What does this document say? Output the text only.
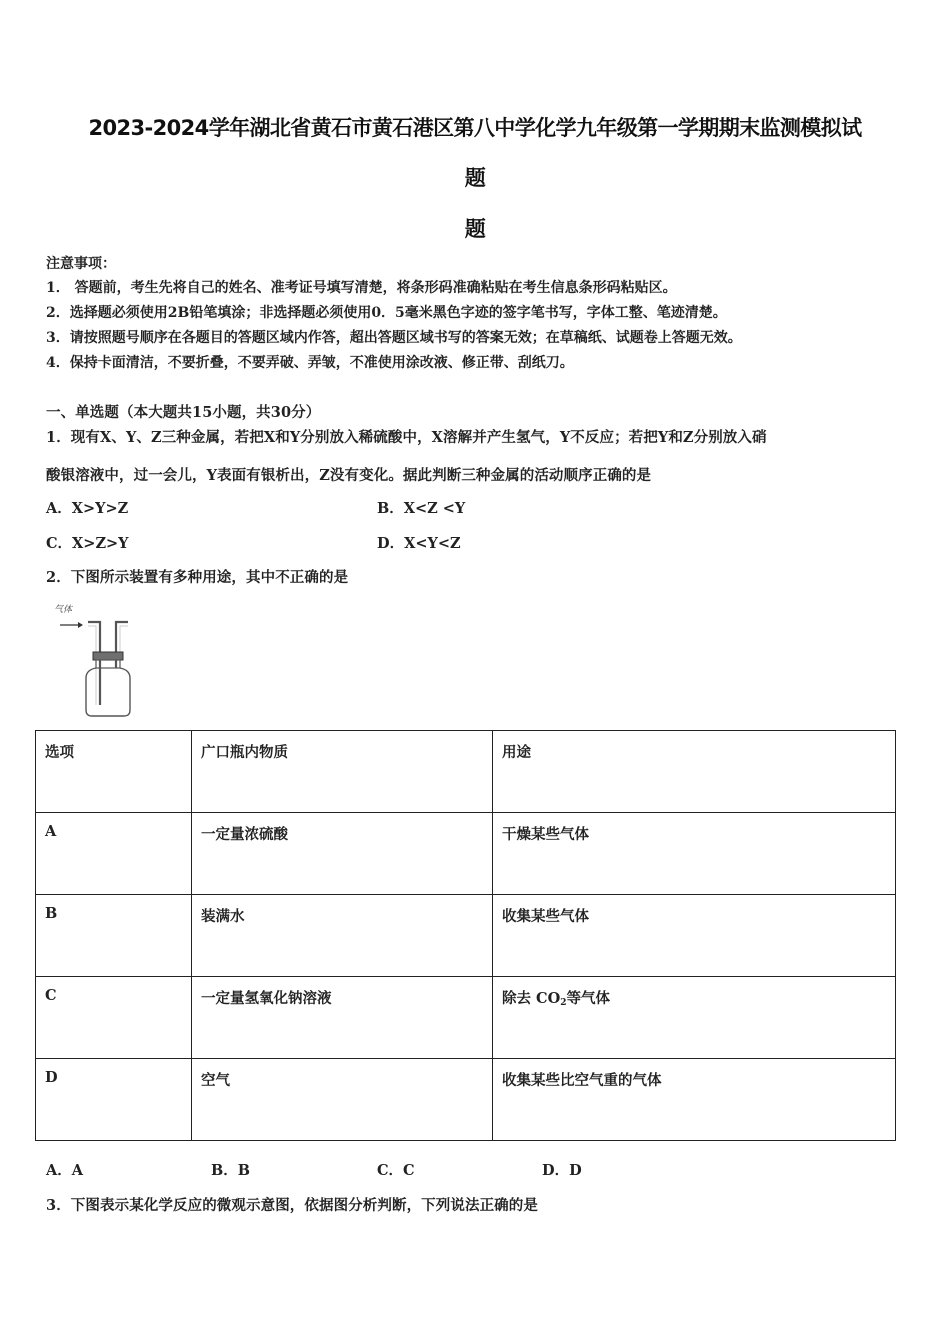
2023-2024学年湖北省黄石市黄石港区第八中学化学九年级第一学期期末监测模拟试
题
题
注意事项：
1． 答题前，考生先将自己的姓名、准考证号填写清楚，将条形码准确粘贴在考生信息条形码粘贴区。
2．选择题必须使用2B铅笔填涂；非选择题必须使用0．5毫米黑色字迹的签字笔书写，字体工整、笔迹清楚。
3．请按照题号顺序在各题目的答题区域内作答，超出答题区域书写的答案无效；在草稿纸、试题卷上答题无效。
4．保持卡面清洁，不要折叠，不要弄破、弄皱，不准使用涂改液、修正带、刮纸刀。
一、单选题（本大题共15小题，共30分）
1．现有X、Y、Z三种金属，若把X和Y分别放入稀硫酸中，X溶解并产生氢气，Y不反应；若把Y和Z分别放入硝
酸银溶液中，过一会儿，Y表面有银析出，Z没有变化。据此判断三种金属的活动顺序正确的是
A．X>Y>Z	B．X<Z <Y
C．X>Z>Y	D．X<Y<Z
2．下图所示装置有多种用途，其中不正确的是
气体
选项	广口瓶内物质	用途
A	一定量浓硫酸	干燥某些气体
B	装满水	收集某些气体
C	一定量氢氧化钠溶液	除去 $CO_2$等气体
D	空气	收集某些比空气重的气体
A．A	B．B	C．C	D．D
3．下图表示某化学反应的微观示意图，依据图分析判断，下列说法正确的是
